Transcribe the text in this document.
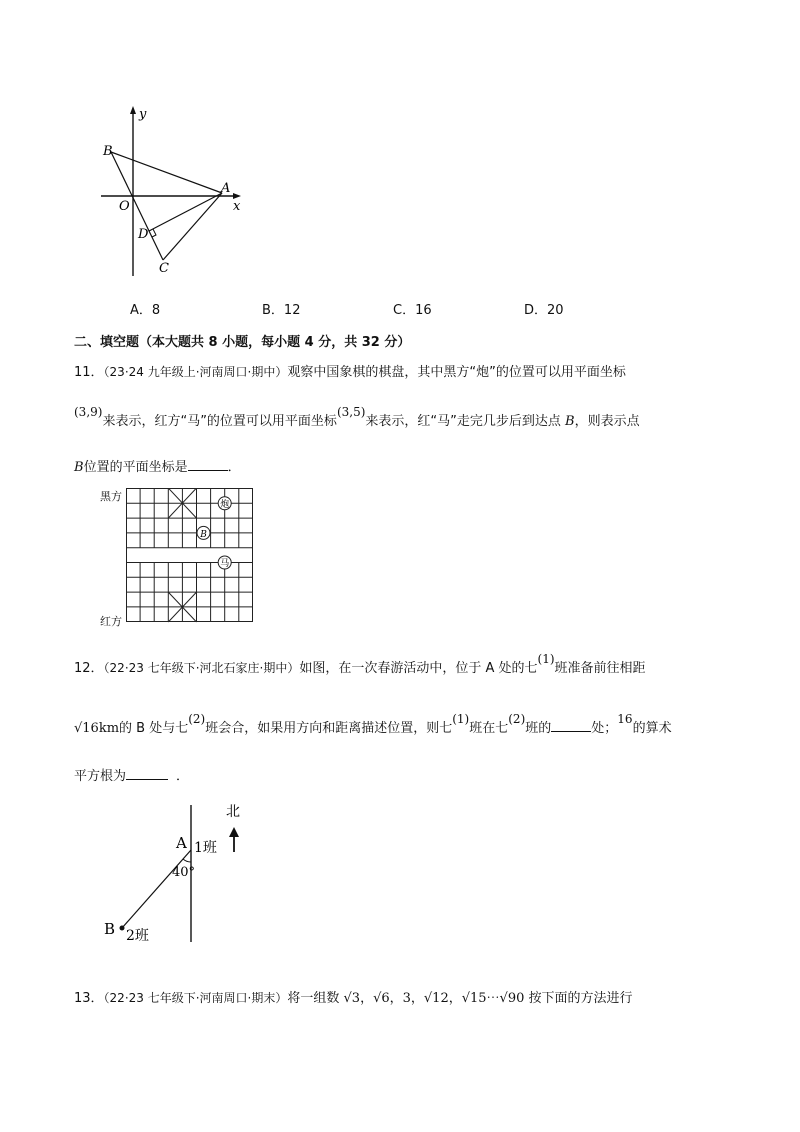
y
x
B
O
A
D
C
A．8	B．12	C．16	D．20
二、填空题（本大题共 8 小题，每小题 4 分，共 32 分）
11．（23·24 九年级上·河南周口·期中）观察中国象棋的棋盘，其中黑方“炮”的位置可以用平面坐标
(3,9)来表示，红方“马”的位置可以用平面坐标(3,5)来表示，红“马”走完几步后到达点 B，则表示点
B位置的平面坐标是	．
黑方
红方
炮
B
马
12．（22·23 七年级下·河北石家庄·期中）如图，在一次春游活动中，位于 A 处的七(1)班准备前往相距
√16km的 B 处与七(2)班会合，如果用方向和距离描述位置，则七(1)班在七(2)班的	处；16的算术
平方根为	．
北
A 1班
40°
B 2班
13．（22·23 七年级下·河南周口·期末）将一组数 √3，√6，3，√12，√15⋯√90 按下面的方法进行
